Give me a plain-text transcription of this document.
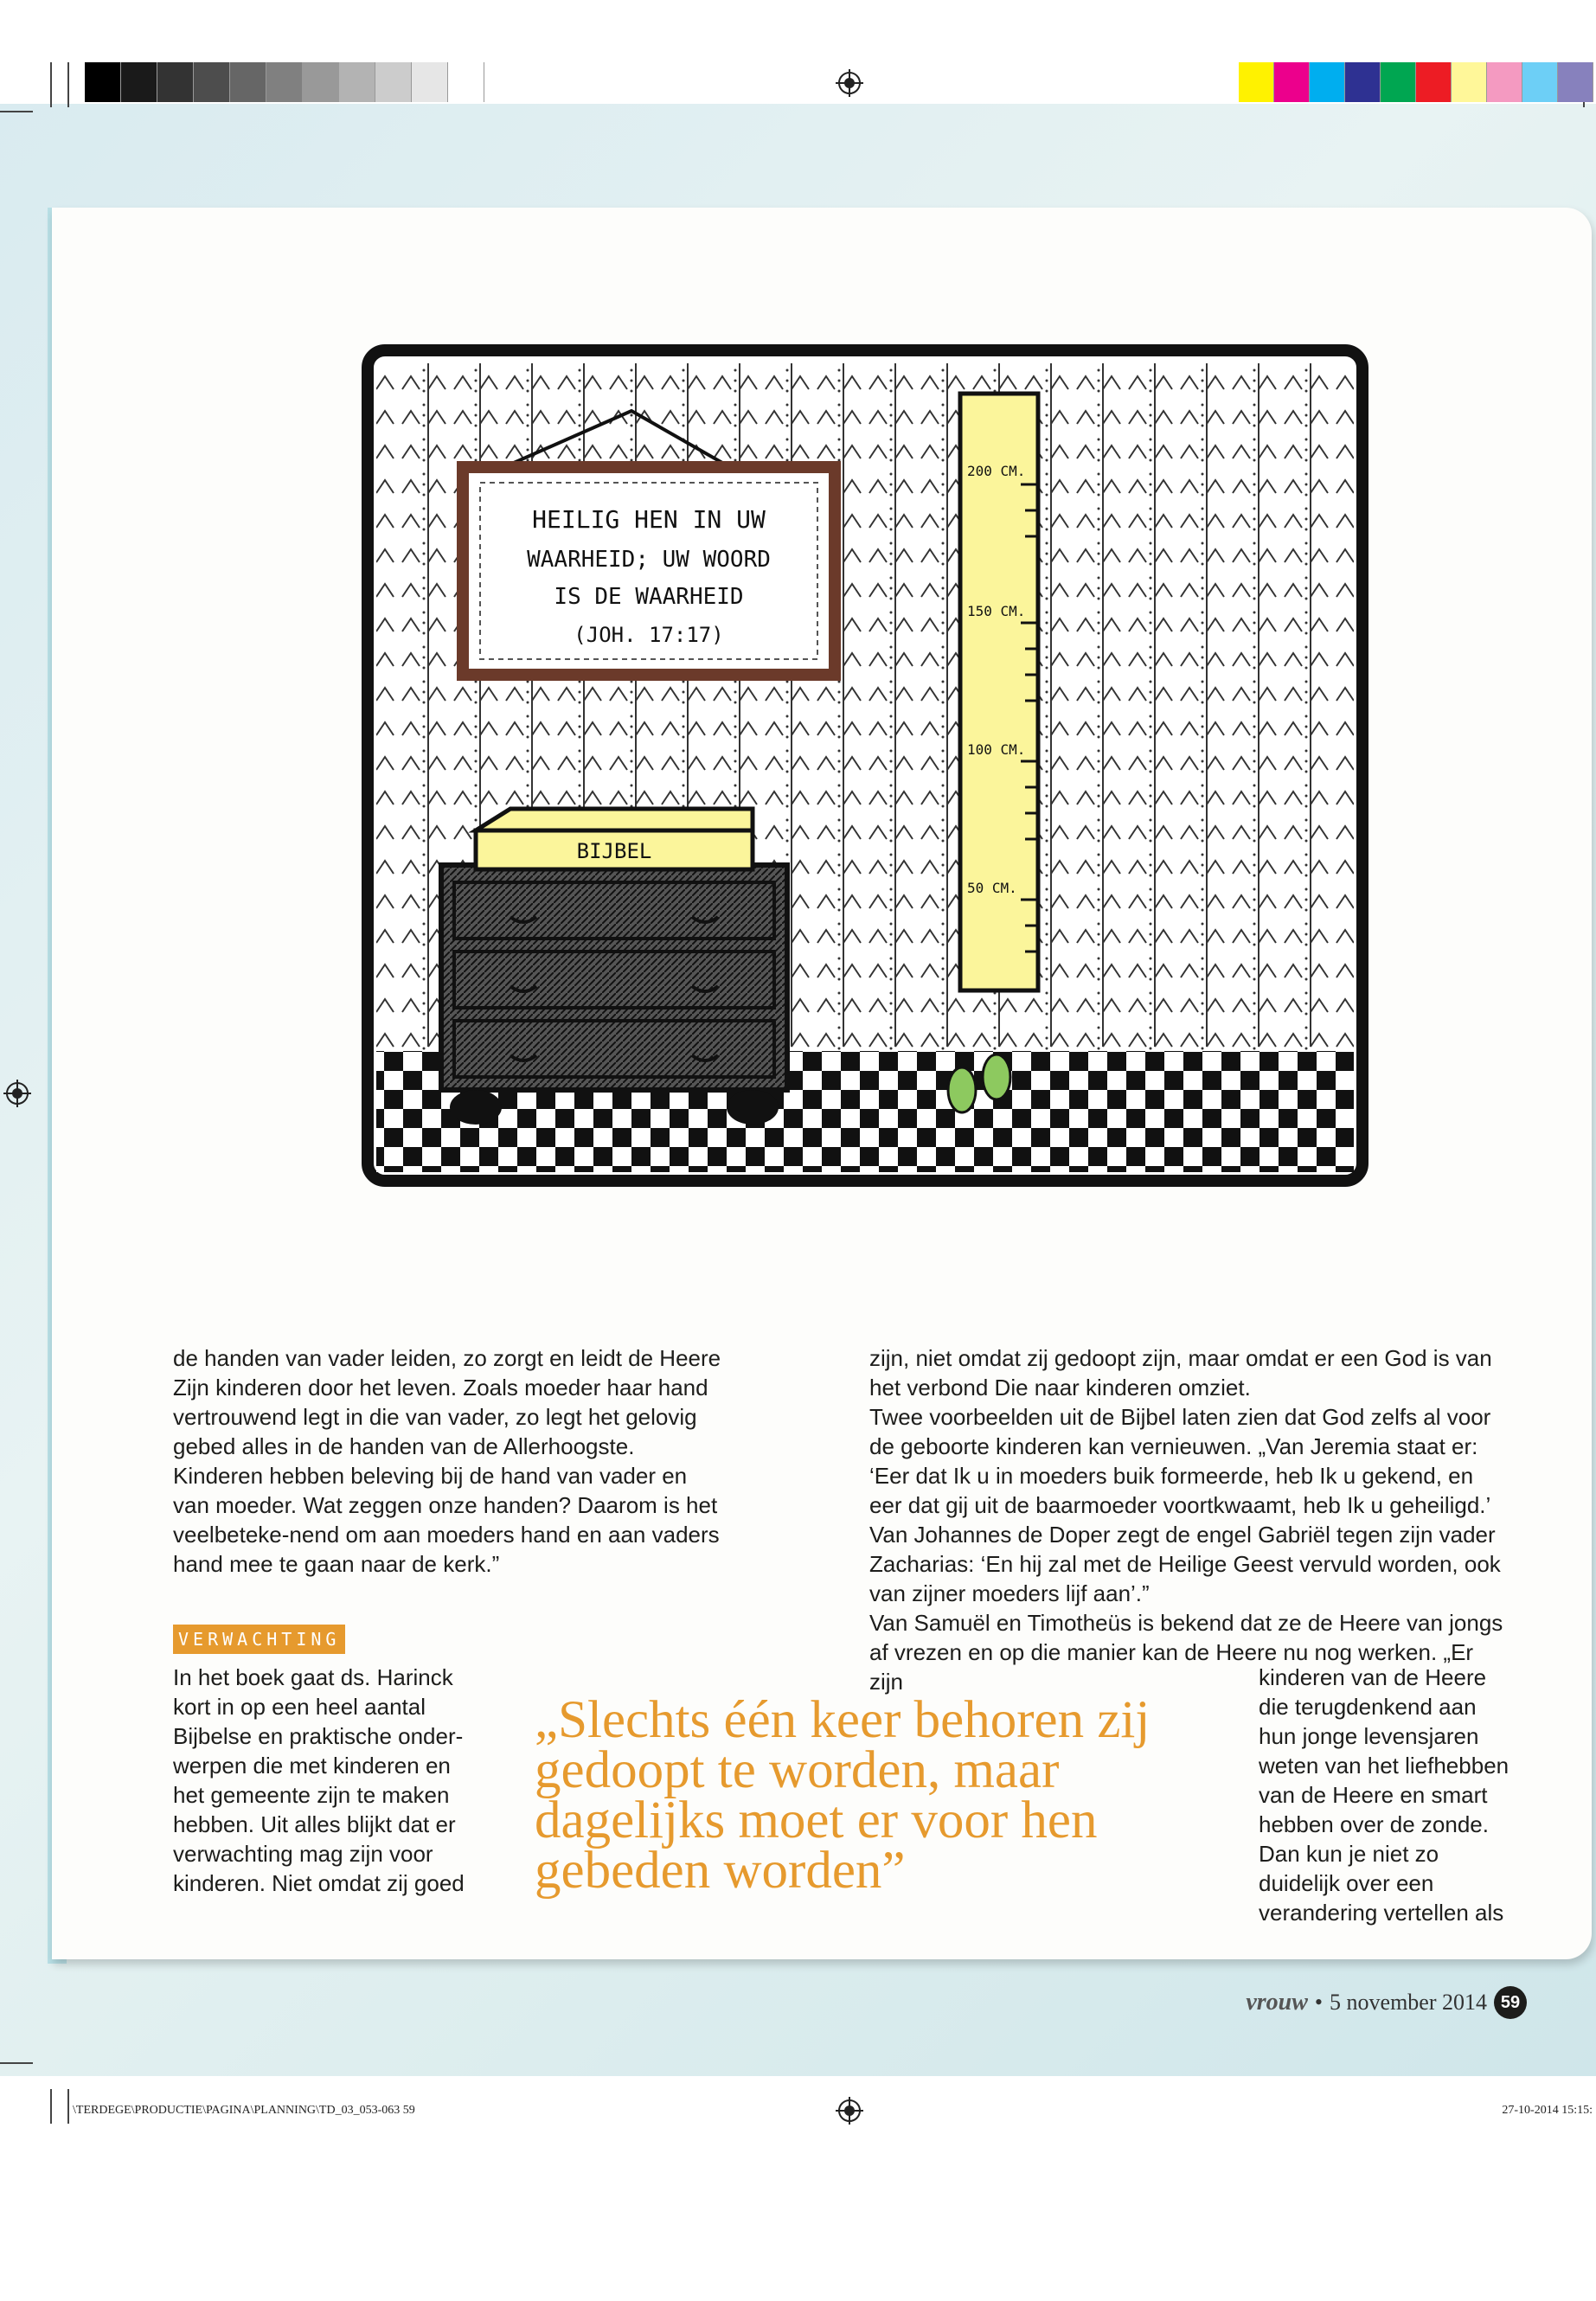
HEILIG HEN IN UW
WAARHEID; UW WOORD
IS DE WAARHEID
(JOH. 17:17)
200 CM.
150 CM.
100 CM.
50 CM.
BIJBEL

de handen van vader leiden, zo zorgt en leidt de Heere Zijn kinderen door het leven. Zoals moeder haar hand vertrouwend legt in die van vader, zo legt het gelovig gebed alles in de handen van de Allerhoogste. Kinderen hebben beleving bij de hand van vader en van moeder. Wat zeggen onze handen? Daarom is het veelbeteke-nend om aan moeders hand en aan vaders hand mee te gaan naar de kerk.”

VERWACHTING

In het boek gaat ds. Harinck kort in op een heel aantal Bijbelse en praktische onder-werpen die met kinderen en het gemeente zijn te maken hebben. Uit alles blijkt dat er verwachting mag zijn voor kinderen. Niet omdat zij goed

zijn, niet omdat zij gedoopt zijn, maar omdat er een God is van het verbond Die naar kinderen omziet.

Twee voorbeelden uit de Bijbel laten zien dat God zelfs al voor de geboorte kinderen kan vernieuwen. „Van Jeremia staat er: ‘Eer dat Ik u in moeders buik formeerde, heb Ik u gekend, en eer dat gij uit de baarmoeder voortkwaamt, heb Ik u geheiligd.’ Van Johannes de Doper zegt de engel Gabriël tegen zijn vader Zacharias: ‘En hij zal met de Heilige Geest vervuld worden, ook van zijner moeders lijf aan’.”

Van Samuël en Timotheüs is bekend dat ze de Heere van jongs af vrezen en op die manier kan de Heere nu nog werken. „Er zijn	kinderen van de Heere die terugdenkend aan hun jonge levensjaren weten van het liefhebben van de Heere en smart hebben over de zonde. Dan kun je niet zo duidelijk over een verandering vertellen als

„Slechts één keer behoren zij gedoopt te worden, maar dagelijks moet er voor hen gebeden worden”
vrouw • 5 november 2014 59
\TERDEGE\PRODUCTIE\PAGINA\PLANNING\TD_03_053-063 59	27-10-2014 15:15:
